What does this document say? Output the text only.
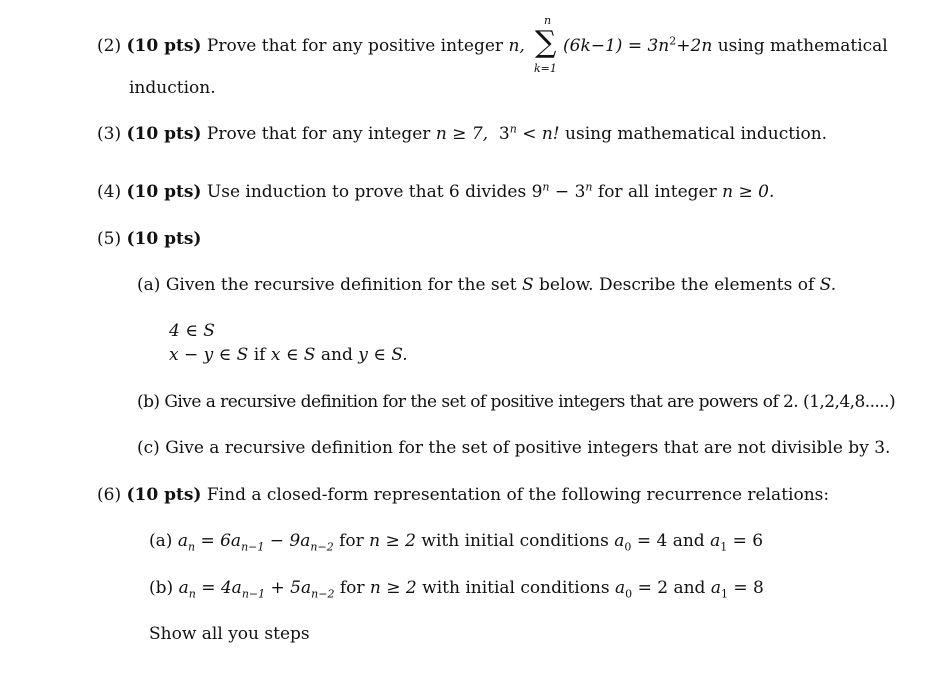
(2) (10 pts) Prove that for any positive integer n,
n
∑
k=1
$(6k-1) = 3n^2+2n$ using mathematical
induction.
(3) (10 pts) Prove that for any integer n ≥ 7, $3^n < n$! using mathematical induction.
(4) (10 pts) Use induction to prove that 6 divides $9^n - 3^n$ for all integer n ≥ 0.
(5) (10 pts)
(a) Given the recursive definition for the set S below. Describe the elements of S.
4 ∈ S
x − y ∈ S if x ∈ S and y ∈ S.
(b) Give a recursive definition for the set of positive integers that are powers of 2. (1,2,4,8.....)
(c) Give a recursive definition for the set of positive integers that are not divisible by 3.
(6) (10 pts) Find a closed-form representation of the following recurrence relations:
(a) $a_n = 6a_{n-1} - 9a_{n-2}$ for n ≥ 2 with initial conditions $a_0 = 4$ and $a_1 = 6$
(b) $a_n = 4a_{n-1} + 5a_{n-2}$ for n ≥ 2 with initial conditions $a_0 = 2$ and $a_1 = 8$
Show all you steps
